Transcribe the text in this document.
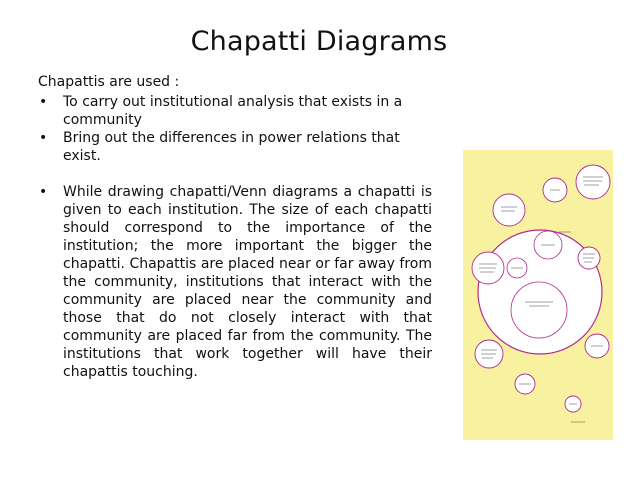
Chapatti Diagrams

Chapattis are used :

• To carry out institutional analysis that exists in a community
• Bring out the differences in power relations that exist.
• While drawing chapatti/Venn diagrams a chapatti is given to each institution. The size of each chapatti should correspond to the importance of the institution; the more important the bigger the chapatti. Chapattis are placed near or far away from the community, institutions that interact with the community are placed near the community and those that do not closely interact with that community are placed far from the community. The institutions that work together will have their chapattis touching.
